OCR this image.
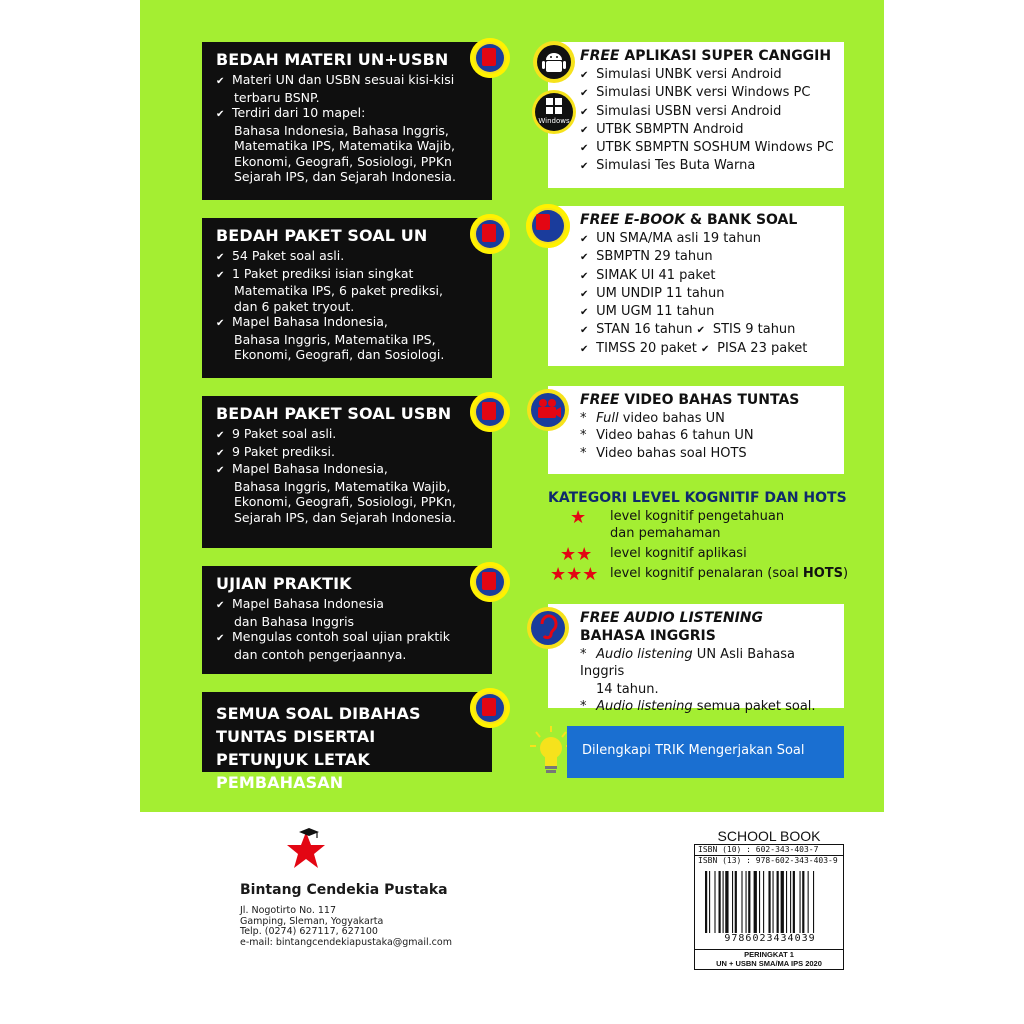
BEDAH MATERI UN+USBN
✔ Materi UN dan USBN sesuai kisi-kisi
terbaru BSNP.
✔ Terdiri dari 10 mapel:
Bahasa Indonesia, Bahasa Inggris,
Matematika IPS, Matematika Wajib,
Ekonomi, Geografi, Sosiologi, PPKn
Sejarah IPS, dan Sejarah Indonesia.
BEDAH PAKET SOAL UN
✔ 54 Paket soal asli.
✔ 1 Paket prediksi isian singkat
Matematika IPS, 6 paket prediksi,
dan 6 paket tryout.
✔ Mapel Bahasa Indonesia,
Bahasa Inggris, Matematika IPS,
Ekonomi, Geografi, dan Sosiologi.
BEDAH PAKET SOAL USBN
✔ 9 Paket soal asli.
✔ 9 Paket prediksi.
✔ Mapel Bahasa Indonesia,
Bahasa Inggris, Matematika Wajib,
Ekonomi, Geografi, Sosiologi, PPKn,
Sejarah IPS, dan Sejarah Indonesia.
UJIAN PRAKTIK
✔ Mapel Bahasa Indonesia
dan Bahasa Inggris
✔ Mengulas contoh soal ujian praktik
dan contoh pengerjaannya.
SEMUA SOAL DIBAHAS TUNTAS DISERTAI PETUNJUK LETAK PEMBAHASAN
FREE APLIKASI SUPER CANGGIH
✔ Simulasi UNBK versi Android
✔ Simulasi UNBK versi Windows PC
✔ Simulasi USBN versi Android
✔ UTBK SBMPTN Android
✔ UTBK SBMPTN SOSHUM Windows PC
✔ Simulasi Tes Buta Warna
Windows
FREE E-BOOK & BANK SOAL
✔ UN SMA/MA asli 19 tahun
✔ SBMPTN 29 tahun
✔ SIMAK UI 41 paket
✔ UM UNDIP 11 tahun
✔ UM UGM 11 tahun
✔ STAN 16 tahun ✔ STIS 9 tahun
✔ TIMSS 20 paket ✔ PISA 23 paket
FREE VIDEO BAHAS TUNTAS
* Full video bahas UN
* Video bahas 6 tahun UN
* Video bahas soal HOTS
KATEGORI LEVEL KOGNITIF DAN HOTS
★ level kognitif pengetahuan
dan pemahaman
★★ level kognitif aplikasi
★★★ level kognitif penalaran (soal HOTS)
FREE AUDIO LISTENING
BAHASA INGGRIS
* Audio listening UN Asli Bahasa Inggris
14 tahun.
* Audio listening semua paket soal.
Dilengkapi TRIK Mengerjakan Soal
Bintang Cendekia Pustaka
Jl. Nogotirto No. 117
Gamping, Sleman, Yogyakarta
Telp. (0274) 627117, 627100
e-mail: bintangcendekiapustaka@gmail.com
SCHOOL BOOK
ISBN (10) : 602-343-403-7
ISBN (13) : 978-602-343-403-9
9786023434039
PERINGKAT 1
UN + USBN SMA/MA IPS 2020
